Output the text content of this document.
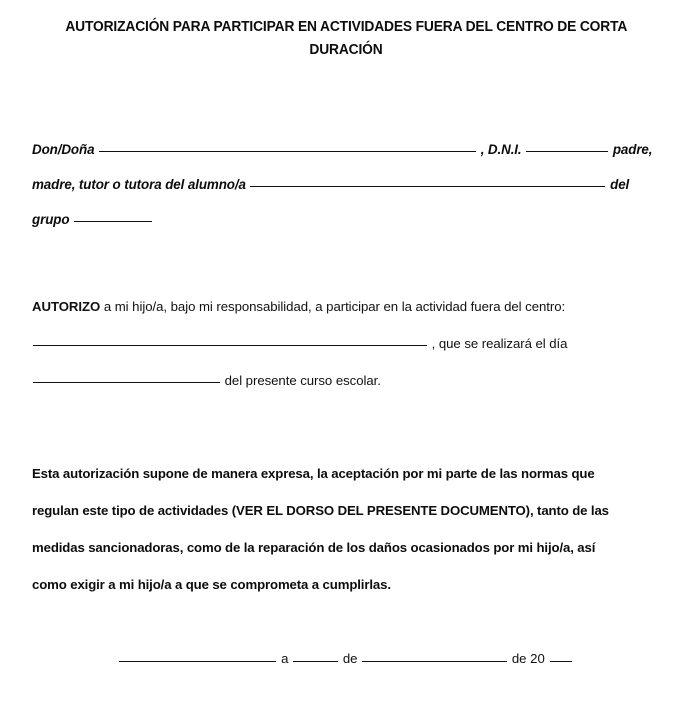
AUTORIZACIÓN PARA PARTICIPAR EN ACTIVIDADES FUERA DEL CENTRO DE CORTA DURACIÓN
Don/Doña	, D.N.I.	padre,
madre, tutor o tutora del alumno/a	del
grupo
AUTORIZO a mi hijo/a, bajo mi responsabilidad, a participar en la actividad fuera del centro:
, que se realizará el día
del presente curso escolar.
Esta autorización supone de manera expresa, la aceptación por mi parte de las normas que
regulan este tipo de actividades (VER EL DORSO DEL PRESENTE DOCUMENTO), tanto de las
medidas sancionadoras, como de la reparación de los daños ocasionados por mi hijo/a, así
como exigir a mi hijo/a a que se comprometa a cumplirlas.
a	de	de 20
